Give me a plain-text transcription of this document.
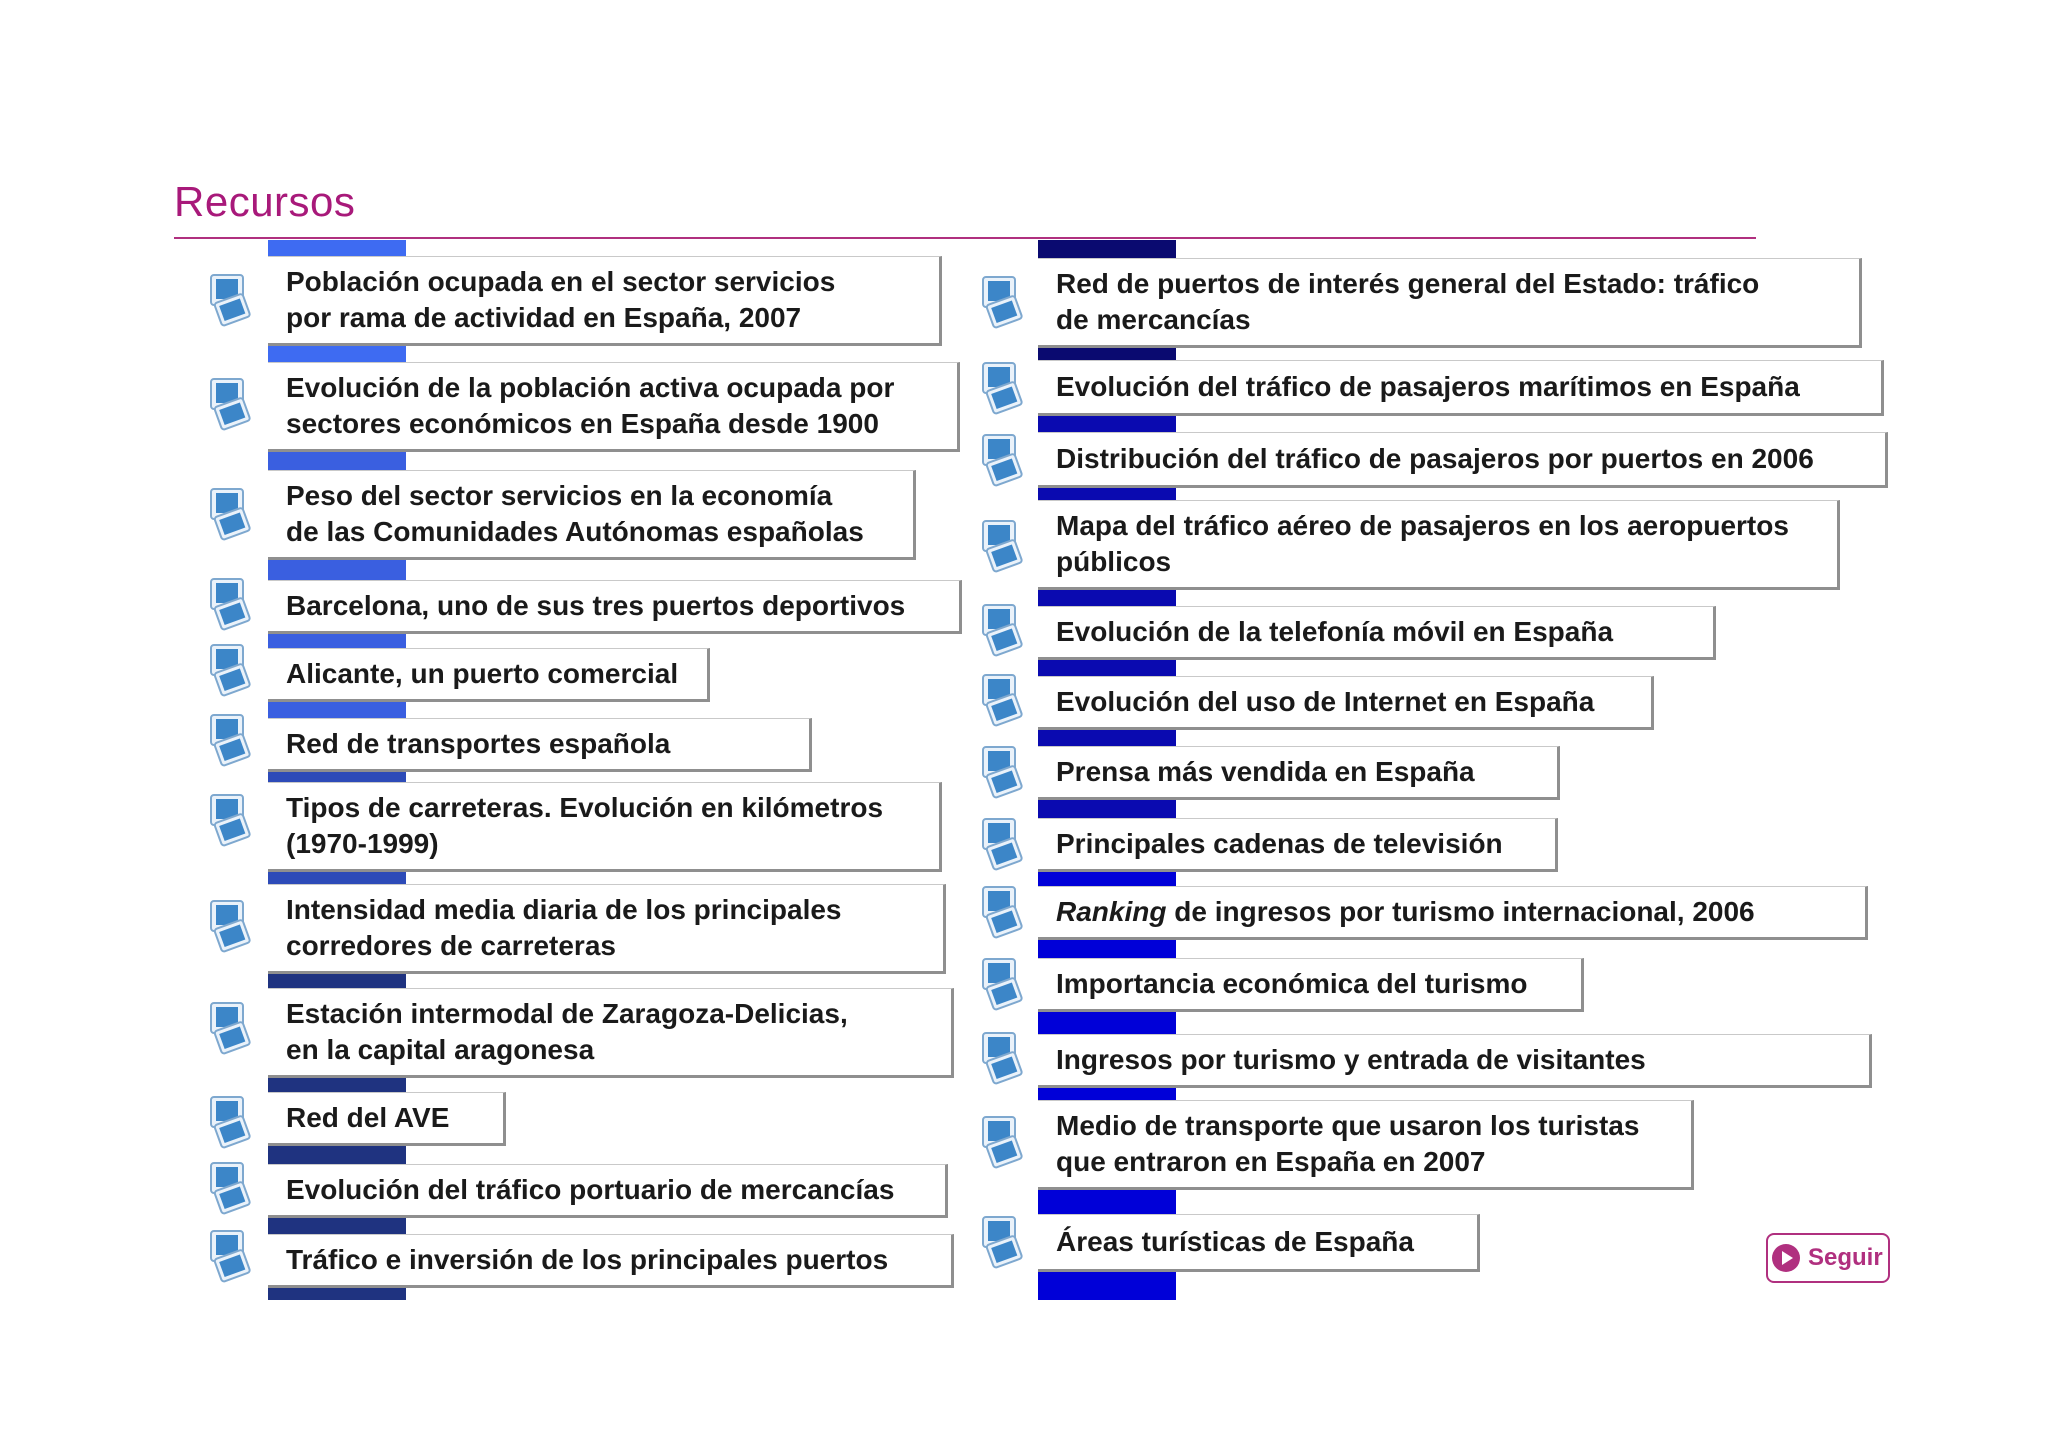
Recursos
Población ocupada en el sector servicios
por rama de actividad en España, 2007
Evolución de la población activa ocupada por
sectores económicos en España desde 1900
Peso del sector servicios en la economía
de las Comunidades Autónomas españolas
Barcelona, uno de sus tres puertos deportivos
Alicante, un puerto comercial
Red de transportes española
Tipos de carreteras. Evolución en kilómetros
(1970-1999)
Intensidad media diaria de los principales
corredores de carreteras
Estación intermodal de Zaragoza-Delicias,
en la capital aragonesa
Red del AVE
Evolución del tráfico portuario de mercancías
Tráfico e inversión de los principales puertos
Red de puertos de interés general del Estado: tráfico
de mercancías
Evolución del tráfico de pasajeros marítimos en España
Distribución del tráfico de pasajeros por puertos en 2006
Mapa del tráfico aéreo de pasajeros en los aeropuertos
públicos
Evolución de la telefonía móvil en España
Evolución del uso de Internet en España
Prensa más vendida en España
Principales cadenas de televisión
Ranking de ingresos por turismo internacional, 2006
Importancia económica del turismo
Ingresos por turismo y entrada de visitantes
Medio de transporte que usaron los turistas
que entraron en España en 2007
Áreas turísticas de España
Seguir
